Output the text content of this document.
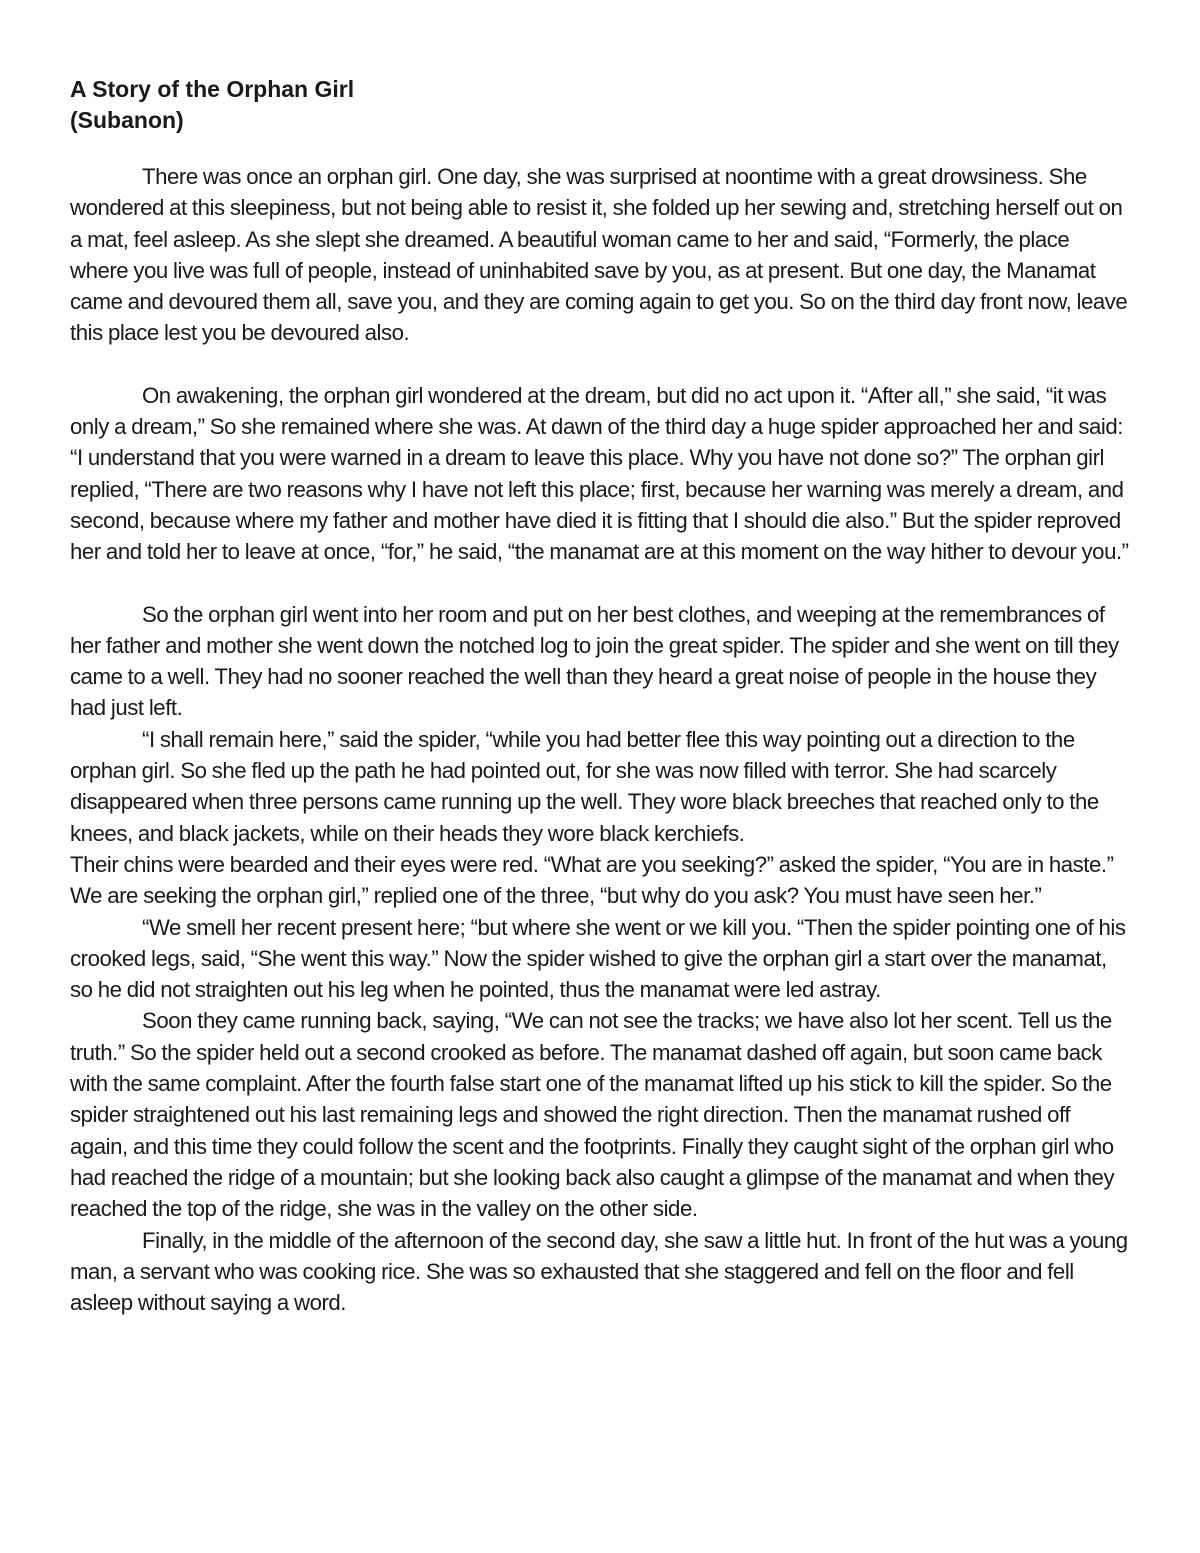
A Story of the Orphan Girl
(Subanon)

There was once an orphan girl. One day, she was surprised at noontime with a great drowsiness. She wondered at this sleepiness, but not being able to resist it, she folded up her sewing and, stretching herself out on a mat, feel asleep. As she slept she dreamed. A beautiful woman came to her and said, “Formerly, the place where you live was full of people, instead of uninhabited save by you, as at present. But one day, the Manamat came and devoured them all, save you, and they are coming again to get you. So on the third day front now, leave this place lest you be devoured also.

On awakening, the orphan girl wondered at the dream, but did no act upon it. “After all,” she said, “it was only a dream,” So she remained where she was. At dawn of the third day a huge spider approached her and said: “I understand that you were warned in a dream to leave this place. Why you have not done so?” The orphan girl replied, “There are two reasons why I have not left this place; first, because her warning was merely a dream, and second, because where my father and mother have died it is fitting that I should die also.” But the spider reproved her and told her to leave at once, “for,” he said, “the manamat are at this moment on the way hither to devour you.”

So the orphan girl went into her room and put on her best clothes, and weeping at the remembrances of her father and mother she went down the notched log to join the great spider. The spider and she went on till they came to a well. They had no sooner reached the well than they heard a great noise of people in the house they had just left.

“I shall remain here,” said the spider, “while you had better flee this way pointing out a direction to the orphan girl. So she fled up the path he had pointed out, for she was now filled with terror. She had scarcely disappeared when three persons came running up the well. They wore black breeches that reached only to the knees, and black jackets, while on their heads they wore black kerchiefs.

Their chins were bearded and their eyes were red. “What are you seeking?” asked the spider, “You are in haste.” We are seeking the orphan girl,” replied one of the three, “but why do you ask? You must have seen her.”

“We smell her recent present here; “but where she went or we kill you. “Then the spider pointing one of his crooked legs, said, “She went this way.” Now the spider wished to give the orphan girl a start over the manamat, so he did not straighten out his leg when he pointed, thus the manamat were led astray.

Soon they came running back, saying, “We can not see the tracks; we have also lot her scent. Tell us the truth.” So the spider held out a second crooked as before. The manamat dashed off again, but soon came back with the same complaint. After the fourth false start one of the manamat lifted up his stick to kill the spider. So the spider straightened out his last remaining legs and showed the right direction. Then the manamat rushed off again, and this time they could follow the scent and the footprints. Finally they caught sight of the orphan girl who had reached the ridge of a mountain; but she looking back also caught a glimpse of the manamat and when they reached the top of the ridge, she was in the valley on the other side.

Finally, in the middle of the afternoon of the second day, she saw a little hut. In front of the hut was a young man, a servant who was cooking rice. She was so exhausted that she staggered and fell on the floor and fell asleep without saying a word.
